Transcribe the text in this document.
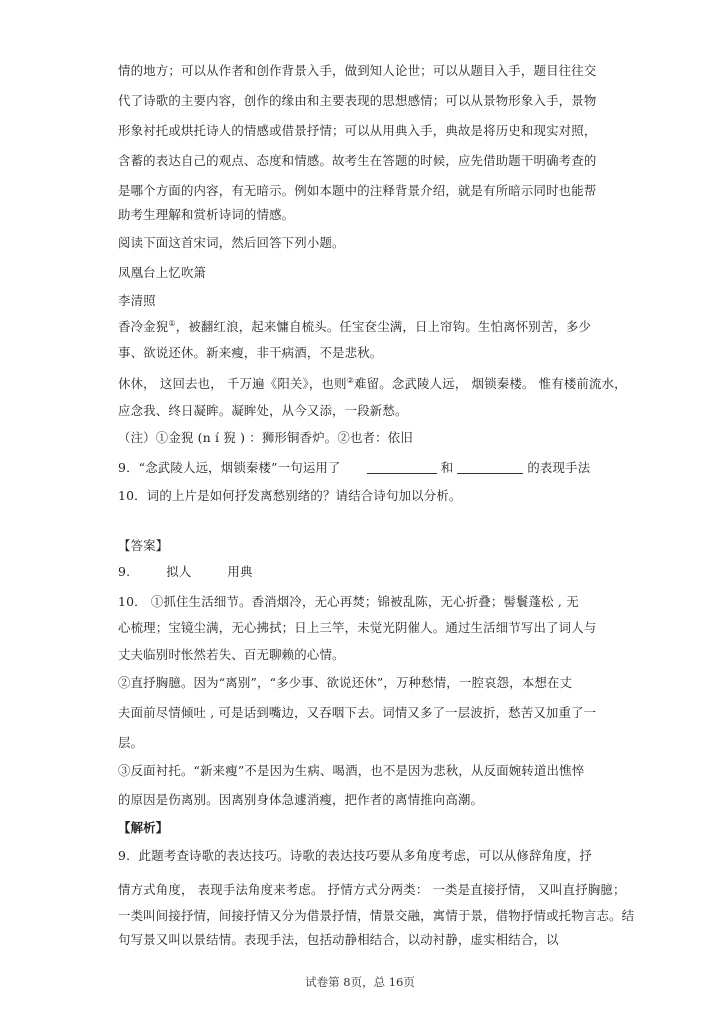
情的地方；可以从作者和创作背景入手，做到知人论世；可以从题目入手，题目往往交
代了诗歌的主要内容，创作的缘由和主要表现的思想感情；可以从景物形象入手，景物
形象衬托或烘托诗人的情感或借景抒情；可以从用典入手，典故是将历史和现实对照，
含蓄的表达自己的观点、态度和情感。故考生在答题的时候，应先借助题干明确考查的
是哪个方面的内容，有无暗示。例如本题中的注释背景介绍，就是有所暗示同时也能帮
助考生理解和赏析诗词的情感。
阅读下面这首宋词，然后回答下列小题。
凤凰台上忆吹箫
李清照
香冷金猊①，被翻红浪，起来慵自梳头。任宝奁尘满，日上帘钩。生怕离怀别苦，多少
事、欲说还休。新来瘦，非干病酒，不是悲秋。
休休， 这回去也， 千万遍《阳关》，也则②难留。念武陵人远， 烟锁秦楼。 惟有楼前流水，
应念我、终日凝眸。凝眸处，从今又添，一段新愁。
（注）①金猊 (n í 猊 ) ：狮形铜香炉。②也者：依旧
9．“念武陵人远，烟锁秦楼”一句运用了	和	的表现手法
10．词的上片是如何抒发离愁别绪的？请结合诗句加以分析。
【答案】
9.	拟人	用典
10． ①抓住生活细节。香消烟冷，无心再焚；锦被乱陈，无心折叠；髻鬟蓬松 , 无
心梳理；宝镜尘满，无心拂拭；日上三竿，未觉光阴催人。通过生活细节写出了词人与
丈夫临别时怅然若失、百无聊赖的心情。
②直抒胸臆。因为“离别”，“多少事、欲说还休”，万种愁情，一腔哀怨，本想在丈
夫面前尽情倾吐 , 可是话到嘴边，又吞咽下去。词情又多了一层波折，愁苦又加重了一
层。
③反面衬托。“新来瘦”不是因为生病、喝酒，也不是因为悲秋，从反面婉转道出憔悴
的原因是伤离别。因离别身体急遽消瘦，把作者的离情推向高潮。
【解析】
9．此题考查诗歌的表达技巧。诗歌的表达技巧要从多角度考虑，可以从修辞角度，抒
情方式角度， 表现手法角度来考虑。 抒情方式分两类： 一类是直接抒情， 又叫直抒胸臆；
一类叫间接抒情，间接抒情又分为借景抒情，情景交融，寓情于景，借物抒情或托物言志。结
句写景又叫以景结情。表现手法，包括动静相结合，以动衬静，虚实相结合，以
试卷第 8页，总 16页
